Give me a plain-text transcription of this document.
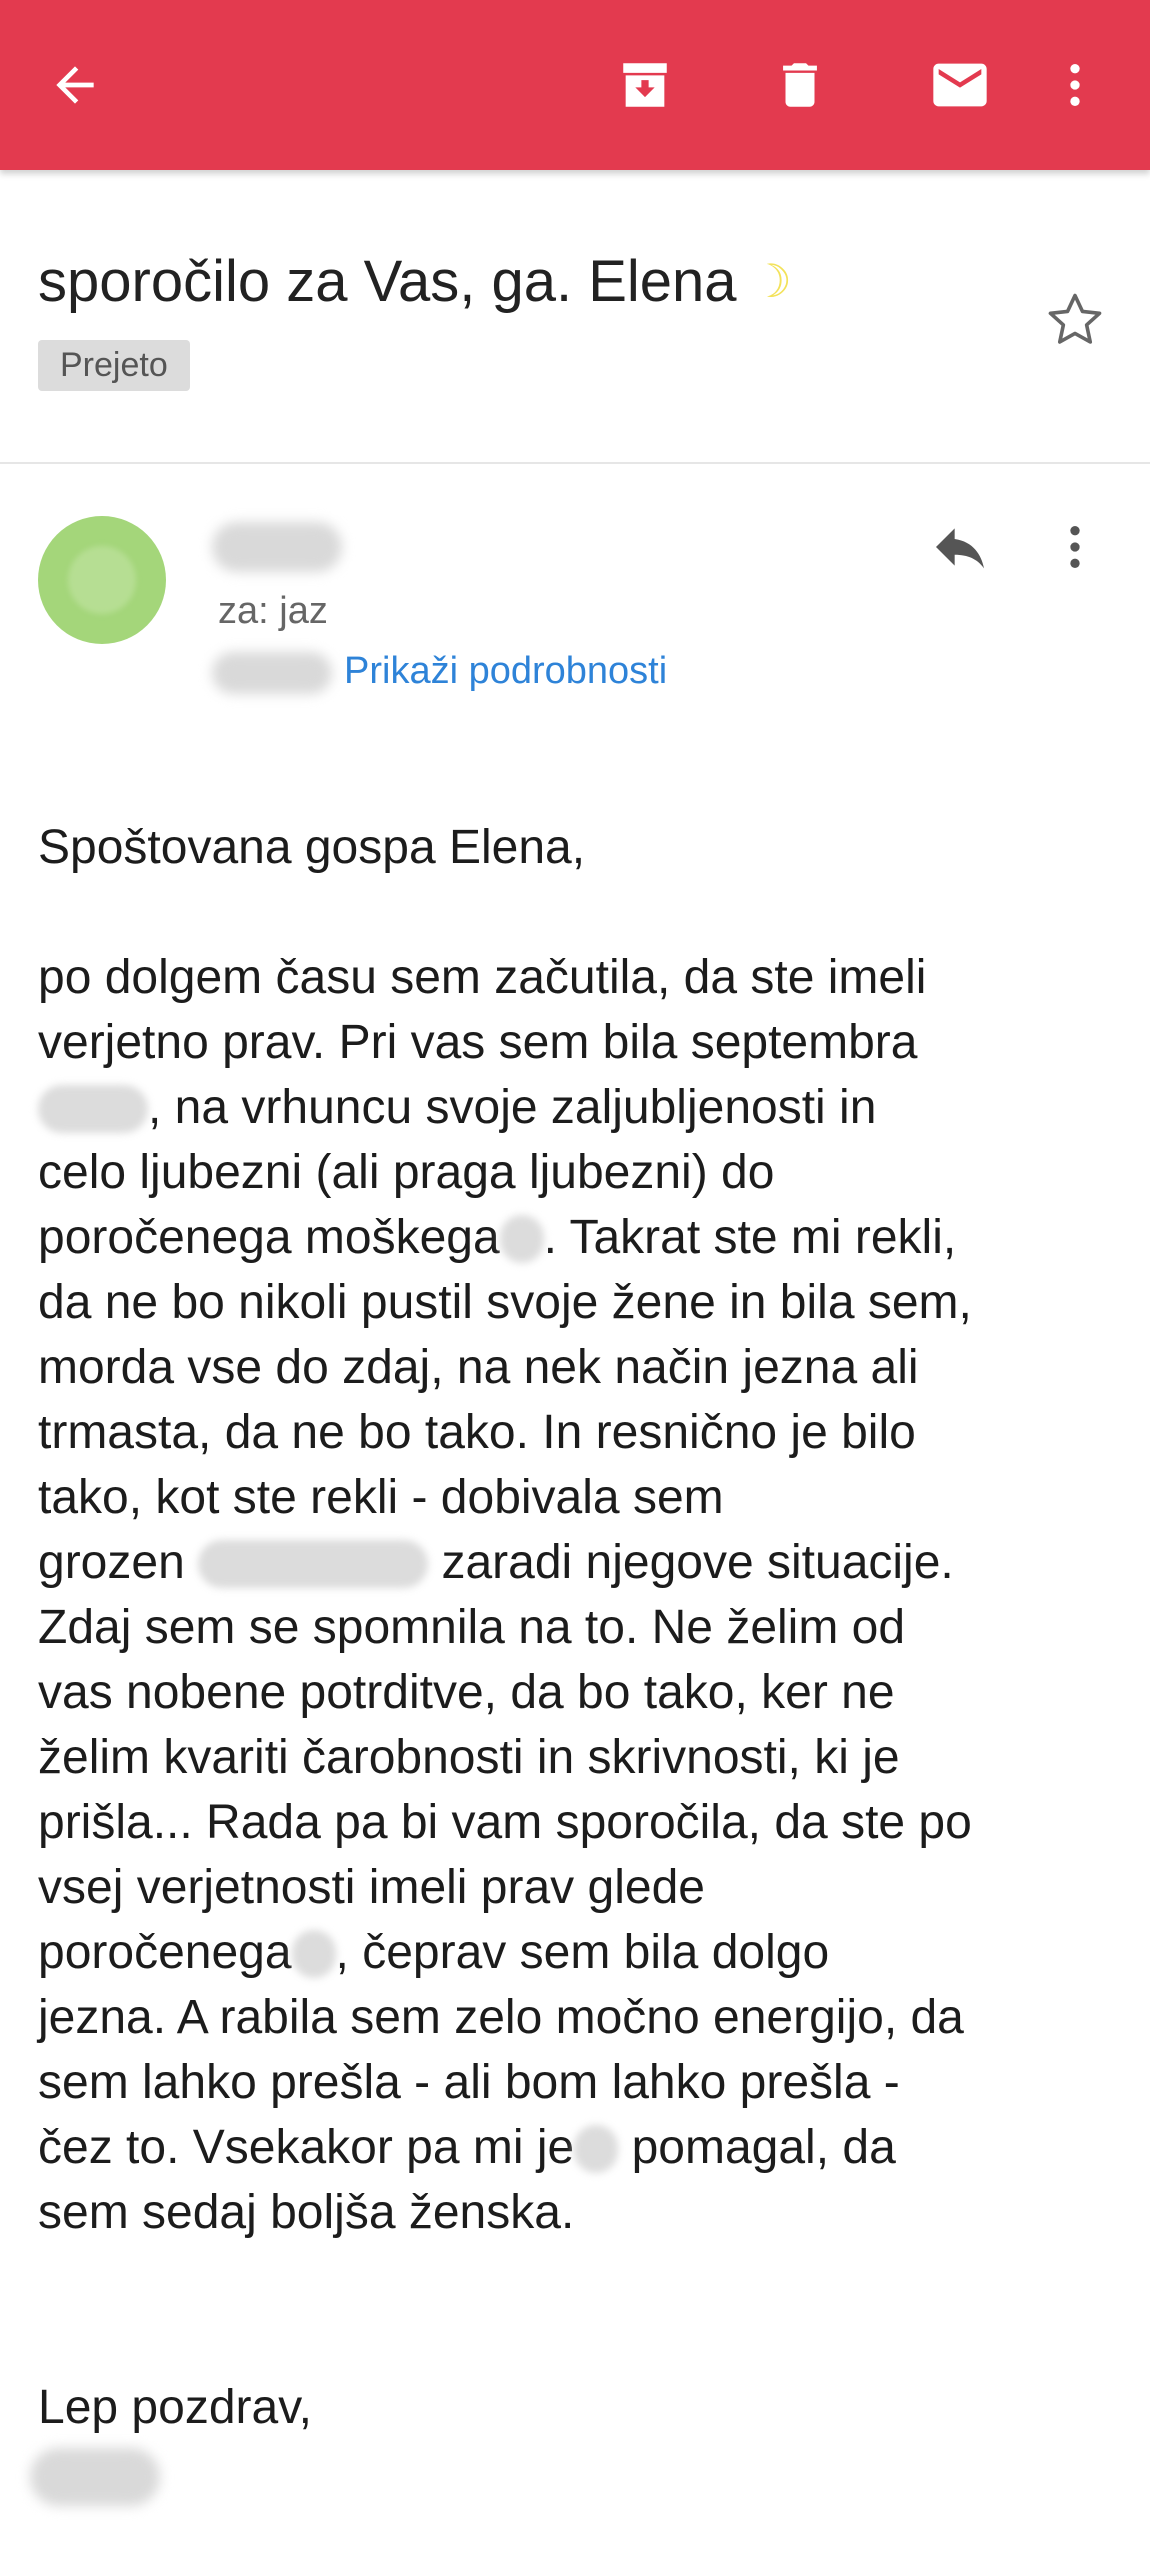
sporočilo za Vas, ga. Elena ☽
Prejeto
za: jaz
Prikaži podrobnosti
Spoštovana gospa Elena,
po dolgem času sem začutila, da ste imeli
verjetno prav. Pri vas sem bila septembra
, na vrhuncu svoje zaljubljenosti in
celo ljubezni (ali praga ljubezni) do
poročenega moškega . Takrat ste mi rekli,
da ne bo nikoli pustil svoje žene in bila sem,
morda vse do zdaj, na nek način jezna ali
trmasta, da ne bo tako. In resnično je bilo
tako, kot ste rekli - dobivala sem
grozen	zaradi njegove situacije.
Zdaj sem se spomnila na to. Ne želim od
vas nobene potrditve, da bo tako, ker ne
želim kvariti čarobnosti in skrivnosti, ki je
prišla... Rada pa bi vam sporočila, da ste po
vsej verjetnosti imeli prav glede
poročenega , čeprav sem bila dolgo
jezna. A rabila sem zelo močno energijo, da
sem lahko prešla - ali bom lahko prešla -
čez to. Vsekakor pa mi je pomagal, da
sem sedaj boljša ženska.
Lep pozdrav,
